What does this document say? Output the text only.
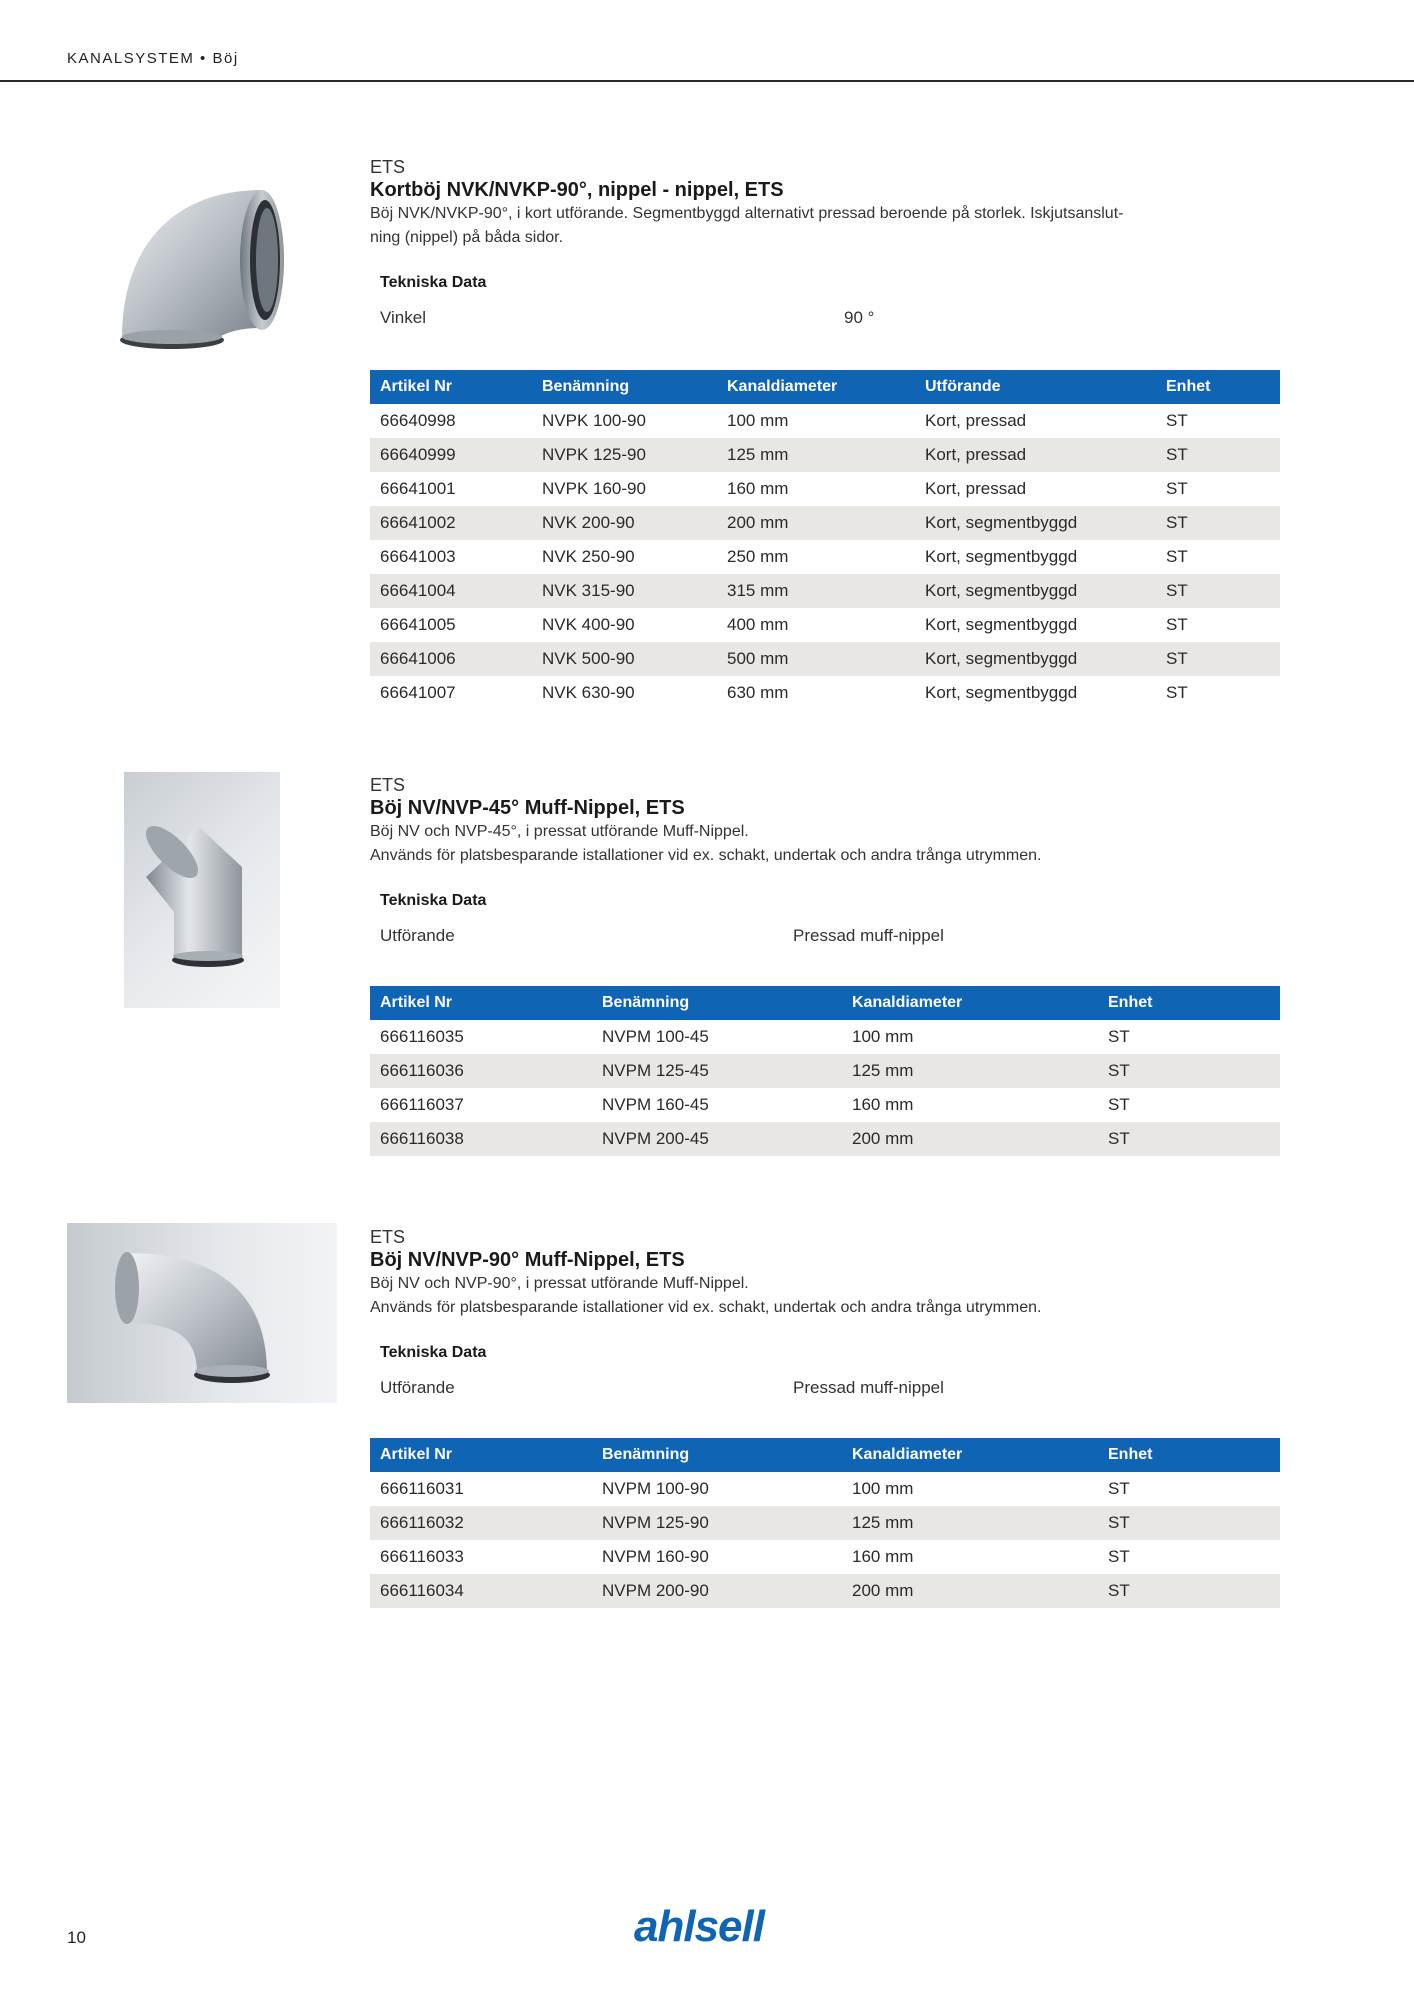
KANALSYSTEM • Böj
ETS
Kortböj NVK/NVKP-90°, nippel - nippel, ETS
Böj NVK/NVKP-90°, i kort utförande. Segmentbyggd alternativt pressad beroende på storlek. Iskjutsanslut-
ning (nippel) på båda sidor.
Tekniska Data
Vinkel	90 °
Artikel Nr	Benämning	Kanaldiameter	Utförande	Enhet
66640998	NVPK 100-90	100 mm	Kort, pressad	ST
66640999	NVPK 125-90	125 mm	Kort, pressad	ST
66641001	NVPK 160-90	160 mm	Kort, pressad	ST
66641002	NVK 200-90	200 mm	Kort, segmentbyggd	ST
66641003	NVK 250-90	250 mm	Kort, segmentbyggd	ST
66641004	NVK 315-90	315 mm	Kort, segmentbyggd	ST
66641005	NVK 400-90	400 mm	Kort, segmentbyggd	ST
66641006	NVK 500-90	500 mm	Kort, segmentbyggd	ST
66641007	NVK 630-90	630 mm	Kort, segmentbyggd	ST
ETS
Böj NV/NVP-45° Muff-Nippel, ETS
Böj NV och NVP-45°, i pressat utförande Muff-Nippel.
Används för platsbesparande istallationer vid ex. schakt, undertak och andra trånga utrymmen.
Tekniska Data
Utförande	Pressad muff-nippel
Artikel Nr	Benämning	Kanaldiameter	Enhet
666116035	NVPM 100-45	100 mm	ST
666116036	NVPM 125-45	125 mm	ST
666116037	NVPM 160-45	160 mm	ST
666116038	NVPM 200-45	200 mm	ST
ETS
Böj NV/NVP-90° Muff-Nippel, ETS
Böj NV och NVP-90°, i pressat utförande Muff-Nippel.
Används för platsbesparande istallationer vid ex. schakt, undertak och andra trånga utrymmen.
Tekniska Data
Utförande	Pressad muff-nippel
Artikel Nr	Benämning	Kanaldiameter	Enhet
666116031	NVPM 100-90	100 mm	ST
666116032	NVPM 125-90	125 mm	ST
666116033	NVPM 160-90	160 mm	ST
666116034	NVPM 200-90	200 mm	ST
10	ahlsell
